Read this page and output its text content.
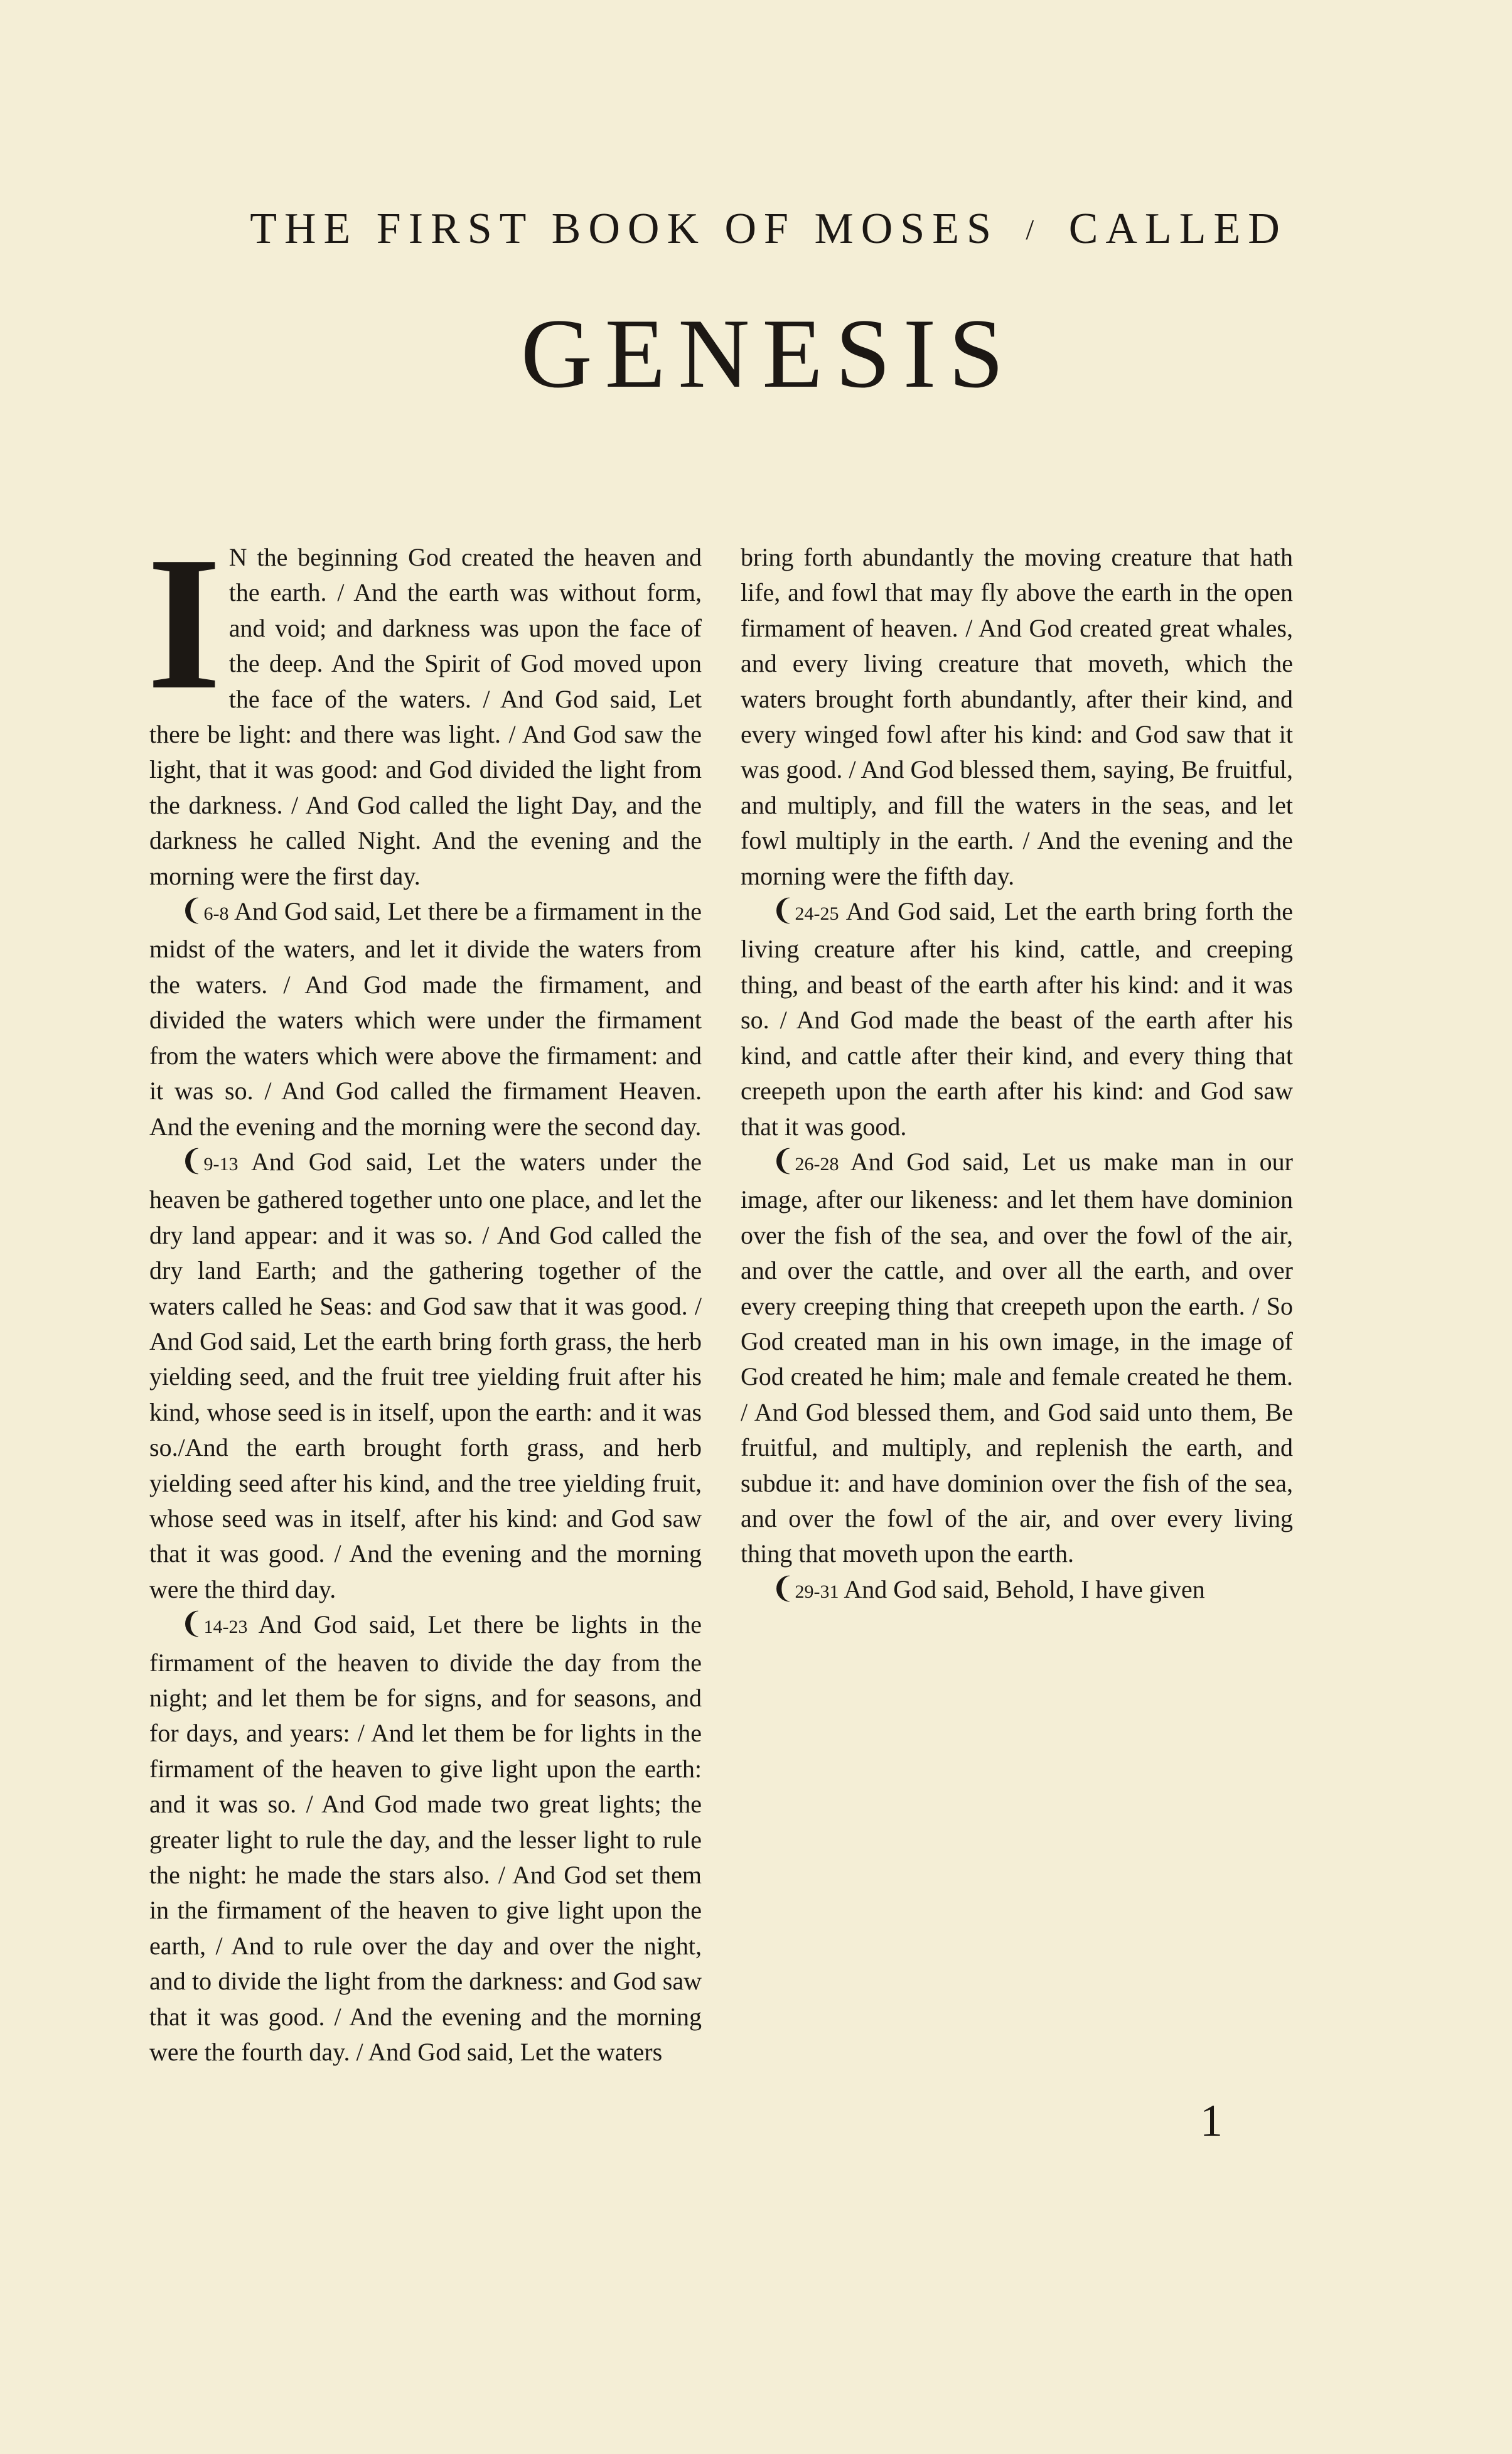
THE FIRST BOOK OF MOSES / CALLED
GENESIS

I N the beginning God created the heaven and the earth. / And the earth was without form, and void; and darkness was upon the face of the deep. And the Spirit of God moved upon the face of the waters. / And God said, Let there be light: and there was light. / And God saw the light, that it was good: and God divided the light from the darkness. / And God called the light Day, and the darkness he called Night. And the evening and the morning were the first day.

❨6-8 And God said, Let there be a firmament in the midst of the waters, and let it divide the waters from the waters. / And God made the firmament, and divided the waters which were under the firmament from the waters which were above the firmament: and it was so. / And God called the firmament Heaven. And the evening and the morning were the second day.

❨9-13 And God said, Let the waters under the heaven be gathered together unto one place, and let the dry land appear: and it was so. / And God called the dry land Earth; and the gathering together of the waters called he Seas: and God saw that it was good. / And God said, Let the earth bring forth grass, the herb yielding seed, and the fruit tree yielding fruit after his kind, whose seed is in itself, upon the earth: and it was so./And the earth brought forth grass, and herb yielding seed after his kind, and the tree yielding fruit, whose seed was in itself, after his kind: and God saw that it was good. / And the evening and the morning were the third day.

❨14-23 And God said, Let there be lights in the firmament of the heaven to divide the day from the night; and let them be for signs, and for seasons, and for days, and years: / And let them be for lights in the firmament of the heaven to give light upon the earth: and it was so. / And God made two great lights; the greater light to rule the day, and the lesser light to rule the night: he made the stars also. / And God set them in the firmament of the heaven to give light upon the earth, / And to rule over the day and over the night, and to divide the light from the darkness: and God saw that it was good. / And the evening and the morning were the fourth day. / And God said, Let the waters

bring forth abundantly the moving creature that hath life, and fowl that may fly above the earth in the open firmament of heaven. / And God created great whales, and every living creature that moveth, which the waters brought forth abundantly, after their kind, and every winged fowl after his kind: and God saw that it was good. / And God blessed them, saying, Be fruitful, and multiply, and fill the waters in the seas, and let fowl multiply in the earth. / And the evening and the morning were the fifth day.

❨24-25 And God said, Let the earth bring forth the living creature after his kind, cattle, and creeping thing, and beast of the earth after his kind: and it was so. / And God made the beast of the earth after his kind, and cattle after their kind, and every thing that creepeth upon the earth after his kind: and God saw that it was good.

❨26-28 And God said, Let us make man in our image, after our likeness: and let them have dominion over the fish of the sea, and over the fowl of the air, and over the cattle, and over all the earth, and over every creeping thing that creepeth upon the earth. / So God created man in his own image, in the image of God created he him; male and female created he them. / And God blessed them, and God said unto them, Be fruitful, and multiply, and replenish the earth, and subdue it: and have dominion over the fish of the sea, and over the fowl of the air, and over every living thing that moveth upon the earth.

❨29-31 And God said, Behold, I have given

1
